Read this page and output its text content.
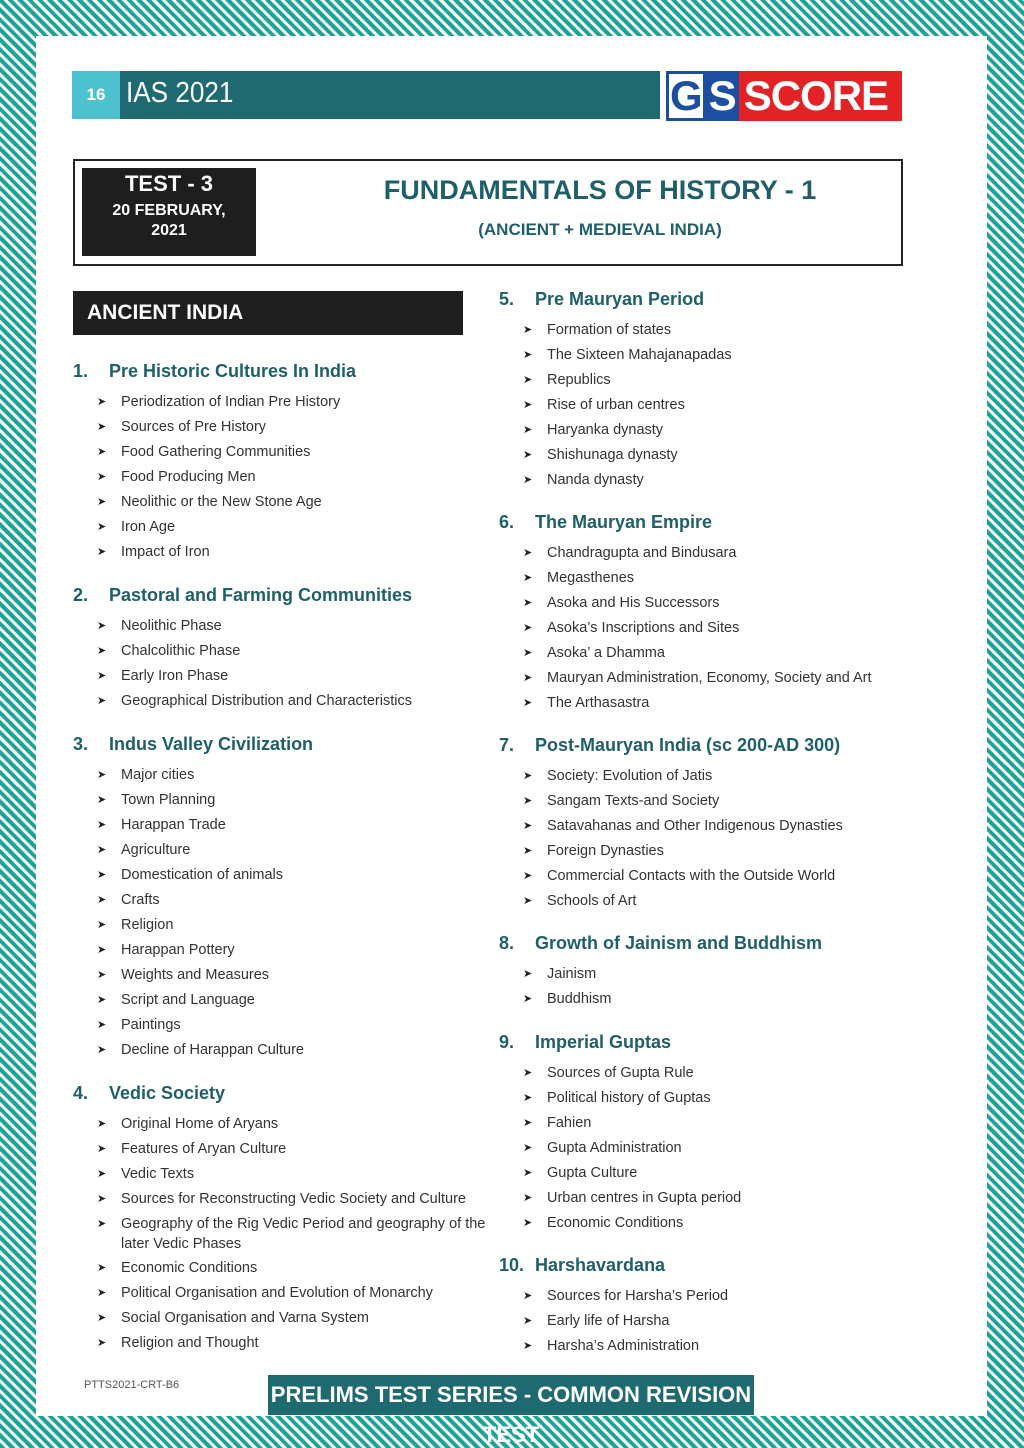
16 IAS 2021	G S SCORE
TEST - 3
20 FEBRUARY, 2021
FUNDAMENTALS OF HISTORY - 1
(ANCIENT + MEDIEVAL INDIA)
ANCIENT INDIA
1.	Pre Historic Cultures In India
➤	Periodization of Indian Pre History
➤	Sources of Pre History
➤	Food Gathering Communities
➤	Food Producing Men
➤	Neolithic or the New Stone Age
➤	Iron Age
➤	Impact of Iron
2.	Pastoral and Farming Communities
➤	Neolithic Phase
➤	Chalcolithic Phase
➤	Early Iron Phase
➤	Geographical Distribution and Characteristics
3.	Indus Valley Civilization
➤	Major cities
➤	Town Planning
➤	Harappan Trade
➤	Agriculture
➤	Domestication of animals
➤	Crafts
➤	Religion
➤	Harappan Pottery
➤	Weights and Measures
➤	Script and Language
➤	Paintings
➤	Decline of Harappan Culture
4.	Vedic Society
➤	Original Home of Aryans
➤	Features of Aryan Culture
➤	Vedic Texts
➤	Sources for Reconstructing Vedic Society and Culture
➤	Geography of the Rig Vedic Period and geography of the later Vedic Phases
➤	Economic Conditions
➤	Political Organisation and Evolution of Monarchy
➤	Social Organisation and Varna System
➤	Religion and Thought
5.	Pre Mauryan Period
➤	Formation of states
➤	The Sixteen Mahajanapadas
➤	Republics
➤	Rise of urban centres
➤	Haryanka dynasty
➤	Shishunaga dynasty
➤	Nanda dynasty
6.	The Mauryan Empire
➤	Chandragupta and Bindusara
➤	Megasthenes
➤	Asoka and His Successors
➤	Asoka’s Inscriptions and Sites
➤	Asoka’ a Dhamma
➤	Mauryan Administration, Economy, Society and Art
➤	The Arthasastra
7.	Post-Mauryan India (sc 200-AD 300)
➤	Society: Evolution of Jatis
➤	Sangam Texts-and Society
➤	Satavahanas and Other Indigenous Dynasties
➤	Foreign Dynasties
➤	Commercial Contacts with the Outside World
➤	Schools of Art
8.	Growth of Jainism and Buddhism
➤	Jainism
➤	Buddhism
9.	Imperial Guptas
➤	Sources of Gupta Rule
➤	Political history of Guptas
➤	Fahien
➤	Gupta Administration
➤	Gupta Culture
➤	Urban centres in Gupta period
➤	Economic Conditions
10. Harshavardana
➤	Sources for Harsha’s Period
➤	Early life of Harsha
➤	Harsha’s Administration
PTTS2021-CRT-B6	PRELIMS TEST SERIES - COMMON REVISION TEST
